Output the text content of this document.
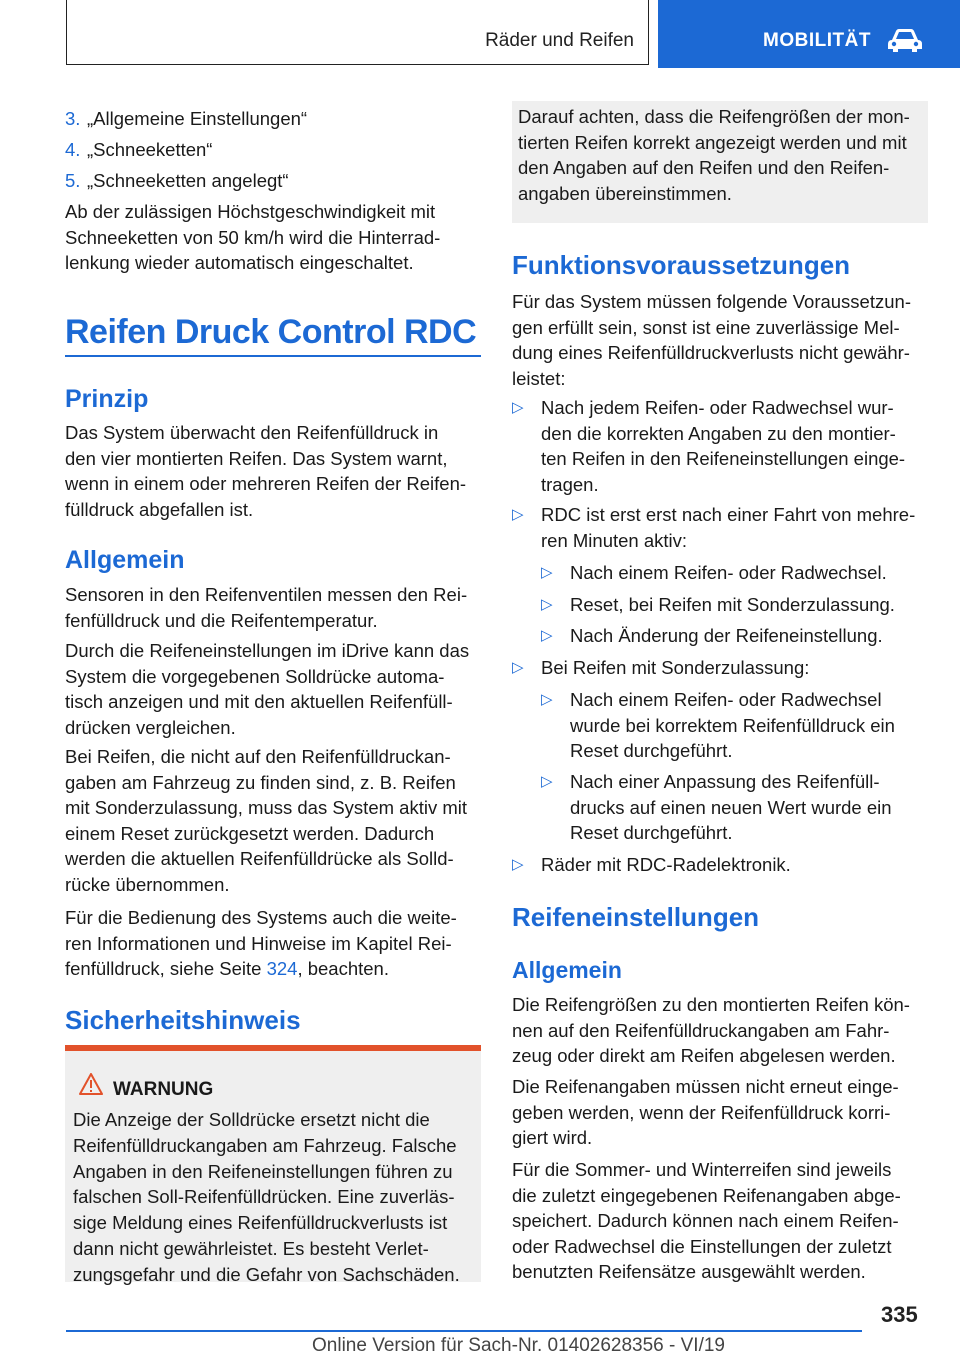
Räder und Reifen	MOBILITÄT

3. „Allgemeine Einstellungen“

4. „Schneeketten“

5. „Schneeketten angelegt“

Ab der zulässigen Höchstgeschwindigkeit mit
Schneeketten von 50 km/h wird die Hinterrad‐
lenkung wieder automatisch eingeschaltet.

Reifen Druck Control RDC
Prinzip

Das System überwacht den Reifenfülldruck in
den vier montierten Reifen. Das System warnt,
wenn in einem oder mehreren Reifen der Reifen‐
fülldruck abgefallen ist.

Allgemein

Sensoren in den Reifenventilen messen den Rei‐
fenfülldruck und die Reifentemperatur.

Durch die Reifeneinstellungen im iDrive kann das
System die vorgegebenen Solldrücke automa‐
tisch anzeigen und mit den aktuellen Reifenfüll‐
drücken vergleichen.

Bei Reifen, die nicht auf den Reifenfülldruckan‐
gaben am Fahrzeug zu finden sind, z. B. Reifen
mit Sonderzulassung, muss das System aktiv mit
einem Reset zurückgesetzt werden. Dadurch
werden die aktuellen Reifenfülldrücke als Solld‐
rücke übernommen.

Für die Bedienung des Systems auch die weite‐
ren Informationen und Hinweise im Kapitel Rei‐
fenfülldruck, siehe Seite 324, beachten.

Sicherheitshinweis
WARNUNG

Die Anzeige der Solldrücke ersetzt nicht die
Reifenfülldruckangaben am Fahrzeug. Falsche
Angaben in den Reifeneinstellungen führen zu
falschen Soll-Reifenfülldrücken. Eine zuverläs‐
sige Meldung eines Reifenfülldruckverlusts ist
dann nicht gewährleistet. Es besteht Verlet‐
zungsgefahr und die Gefahr von Sachschäden.

Darauf achten, dass die Reifengrößen der mon‐
tierten Reifen korrekt angezeigt werden und mit
den Angaben auf den Reifen und den Reifen‐
angaben übereinstimmen.

Funktionsvoraussetzungen

Für das System müssen folgende Voraussetzun‐
gen erfüllt sein, sonst ist eine zuverlässige Mel‐
dung eines Reifenfülldruckverlusts nicht gewähr‐
leistet:

▷ Nach jedem Reifen- oder Radwechsel wur‐
den die korrekten Angaben zu den montier‐
ten Reifen in den Reifeneinstellungen einge‐
tragen.

▷ RDC ist erst erst nach einer Fahrt von mehre‐
ren Minuten aktiv:

▷ Nach einem Reifen- oder Radwechsel.

▷ Reset, bei Reifen mit Sonderzulassung.

▷ Nach Änderung der Reifeneinstellung.

▷ Bei Reifen mit Sonderzulassung:

▷ Nach einem Reifen- oder Radwechsel
wurde bei korrektem Reifenfülldruck ein
Reset durchgeführt.

▷ Nach einer Anpassung des Reifenfüll‐
drucks auf einen neuen Wert wurde ein
Reset durchgeführt.

▷ Räder mit RDC-Radelektronik.

Reifeneinstellungen
Allgemein

Die Reifengrößen zu den montierten Reifen kön‐
nen auf den Reifenfülldruckangaben am Fahr‐
zeug oder direkt am Reifen abgelesen werden.

Die Reifenangaben müssen nicht erneut einge‐
geben werden, wenn der Reifenfülldruck korri‐
giert wird.

Für die Sommer- und Winterreifen sind jeweils
die zuletzt eingegebenen Reifenangaben abge‐
speichert. Dadurch können nach einem Reifen‐
oder Radwechsel die Einstellungen der zuletzt
benutzten Reifensätze ausgewählt werden.

335
Online Version für Sach-Nr. 01402628356 - VI/19
